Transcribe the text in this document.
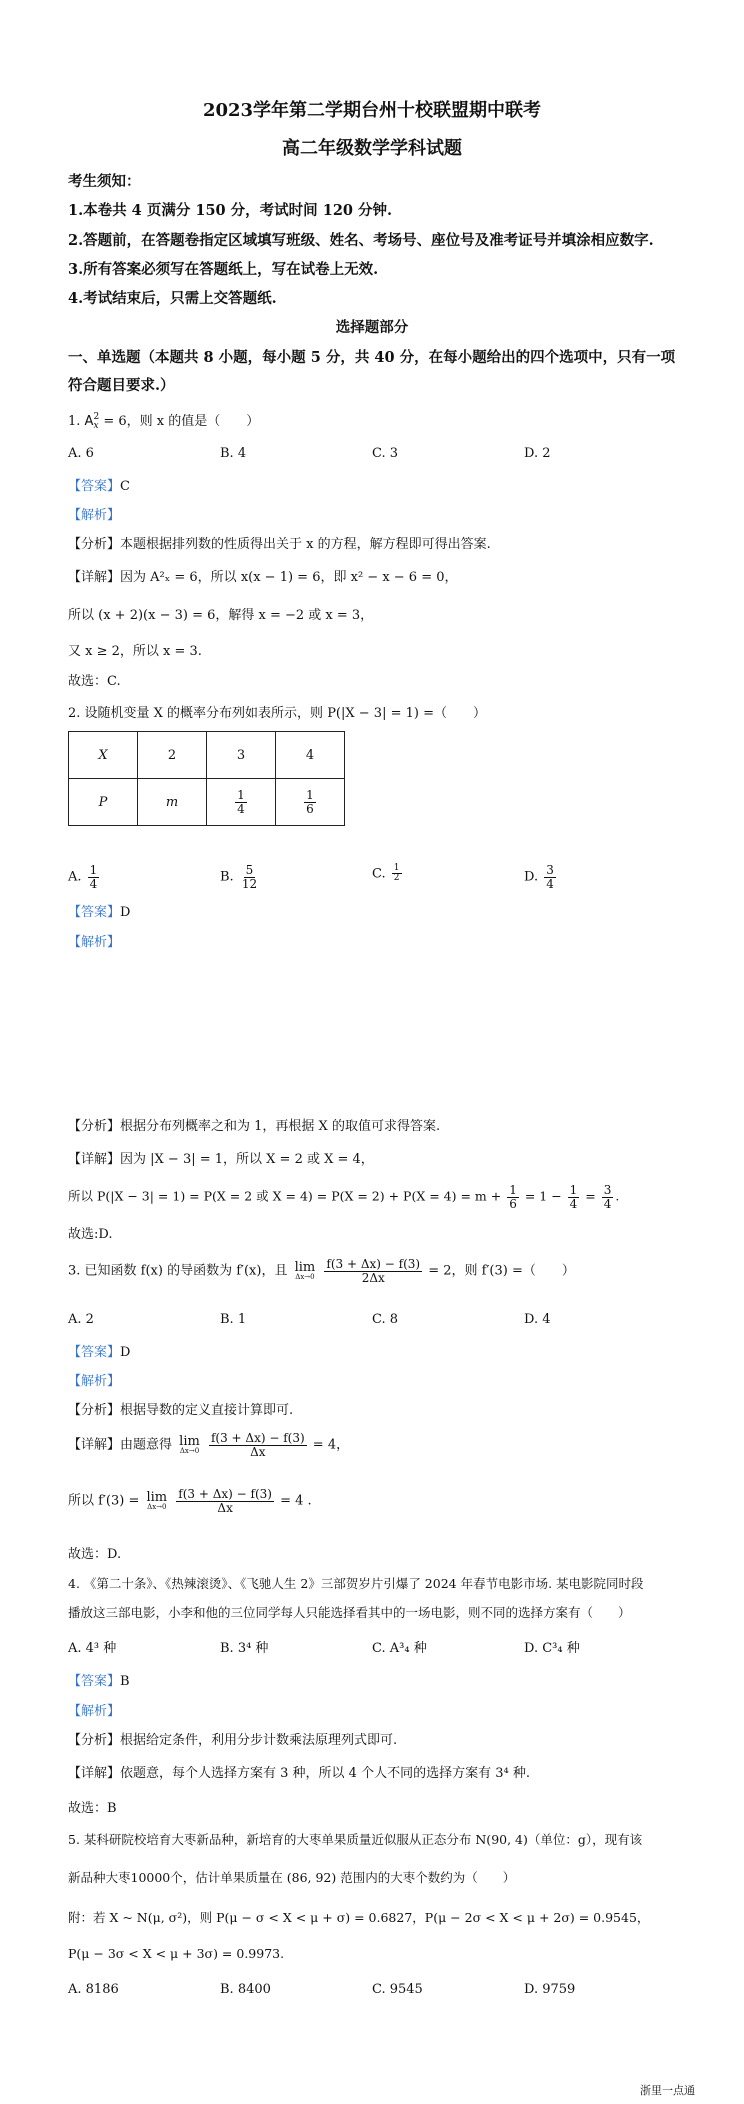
2023学年第二学期台州十校联盟期中联考
高二年级数学学科试题
考生须知：
1.本卷共 4 页满分 150 分，考试时间 120 分钟.
2.答题前，在答题卷指定区域填写班级、姓名、考场号、座位号及准考证号并填涂相应数字.
3.所有答案必须写在答题纸上，写在试卷上无效.
4.考试结束后，只需上交答题纸.
选择题部分
一、单选题（本题共 8 小题，每小题 5 分，共 40 分，在每小题给出的四个选项中，只有一项
符合题目要求.）
1. A 2
x = 6，则 x 的值是（　　）
A. 6	B. 4	C. 3	D. 2
【答案】C
【解析】
【分析】本题根据排列数的性质得出关于 x 的方程，解方程即可得出答案.
【详解】因为 A²ₓ = 6，所以 x(x − 1) = 6，即 x² − x − 6 = 0，
所以 (x + 2)(x − 3) = 6，解得 x = −2 或 x = 3，
又 x ≥ 2，所以 x = 3.
故选：C.
2. 设随机变量 X 的概率分布列如表所示，则 P(|X − 3| = 1) =（　　）
X	2	3	4
P	m	$\frac{1}{4}$	$\frac{1}{6}$
A. $\frac{1}{4}$	B. $\frac{5}{12}$	C. $\frac{1}{2}$	D. $\frac{3}{4}$
【答案】D
【解析】
【分析】根据分布列概率之和为 1，再根据 X 的取值可求得答案.
【详解】因为 |X − 3| = 1，所以 X = 2 或 X = 4，
所以 P(|X − 3| = 1) = P(X = 2 或 $X = 4) = P(X = 2) + P(X = 4) = m + \frac{1}{6} = 1 - \frac{1}{4} = \frac{3}{4}$ .
故选:D.
3. 已知函数 f(x) 的导函数为 f′(x)，且 lim
Δx→0
$\frac{f(3 + \Delta x) - f(3)}{2\Delta x} = 2$，则 f′(3) =（　　）
A. 2	B. 1	C. 8	D. 4
【答案】D
【解析】
【分析】根据导数的定义直接计算即可.
【详解】由题意得 lim
Δx→0
$\frac{f(3 + \Delta x) - f(3)}{\Delta x} = 4$，
所以 f′(3) = lim
Δx→0
$\frac{f(3 + \Delta x) - f(3)}{\Delta x} = 4$ .
故选：D.
4. 《第二十条》、《热辣滚烫》、《飞驰人生 2》三部贺岁片引爆了 2024 年春节电影市场. 某电影院同时段
播放这三部电影，小李和他的三位同学每人只能选择看其中的一场电影，则不同的选择方案有（　　）
A. 4³ 种	B. 3⁴ 种	C. A³₄ 种	D. C³₄ 种
【答案】B
【解析】
【分析】根据给定条件，利用分步计数乘法原理列式即可.
【详解】依题意，每个人选择方案有 3 种，所以 4 个人不同的选择方案有 3⁴ 种.
故选：B
5. 某科研院校培育大枣新品种，新培育的大枣单果质量近似服从正态分布 N(90, 4)（单位：g），现有该
新品种大枣10000个，估计单果质量在 (86, 92) 范围内的大枣个数约为（　　）
附：若 X ~ N(μ, σ²)，则 P(μ − σ < X < μ + σ) = 0.6827，P(μ − 2σ < X < μ + 2σ) = 0.9545，
P(μ − 3σ < X < μ + 3σ) = 0.9973.
A. 8186	B. 8400	C. 9545	D. 9759
浙里一点通
